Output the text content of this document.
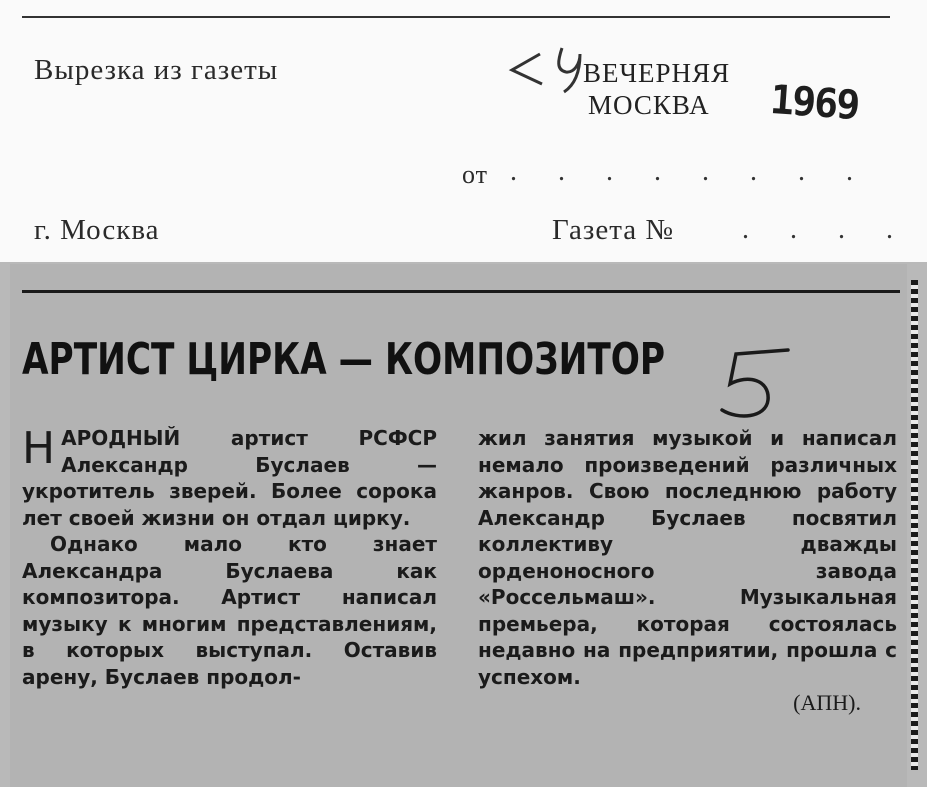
Вырезка из газеты	ВЕЧЕРНЯЯ
МОСКВА 1969
от . . . . . . . .
г. Москва	Газета № . . . .
АРТИСТ ЦИРКА — КОМПОЗИТОР

НАРОДНЫЙ артист РСФСР Александр Буслаев — укротитель зверей. Более сорока лет своей жизни он отдал цирку.

Однако мало кто знает Александра Буслаева как композитора. Артист написал музыку к многим представлениям, в которых выступал. Оставив арену, Буслаев продол-

жил занятия музыкой и написал немало произведений различных жанров. Свою последнюю работу Александр Буслаев посвятил коллективу дважды орденоносного завода «Россельмаш». Музыкальная премьера, которая состоялась недавно на предприятии, прошла с успехом.

(АПН).
